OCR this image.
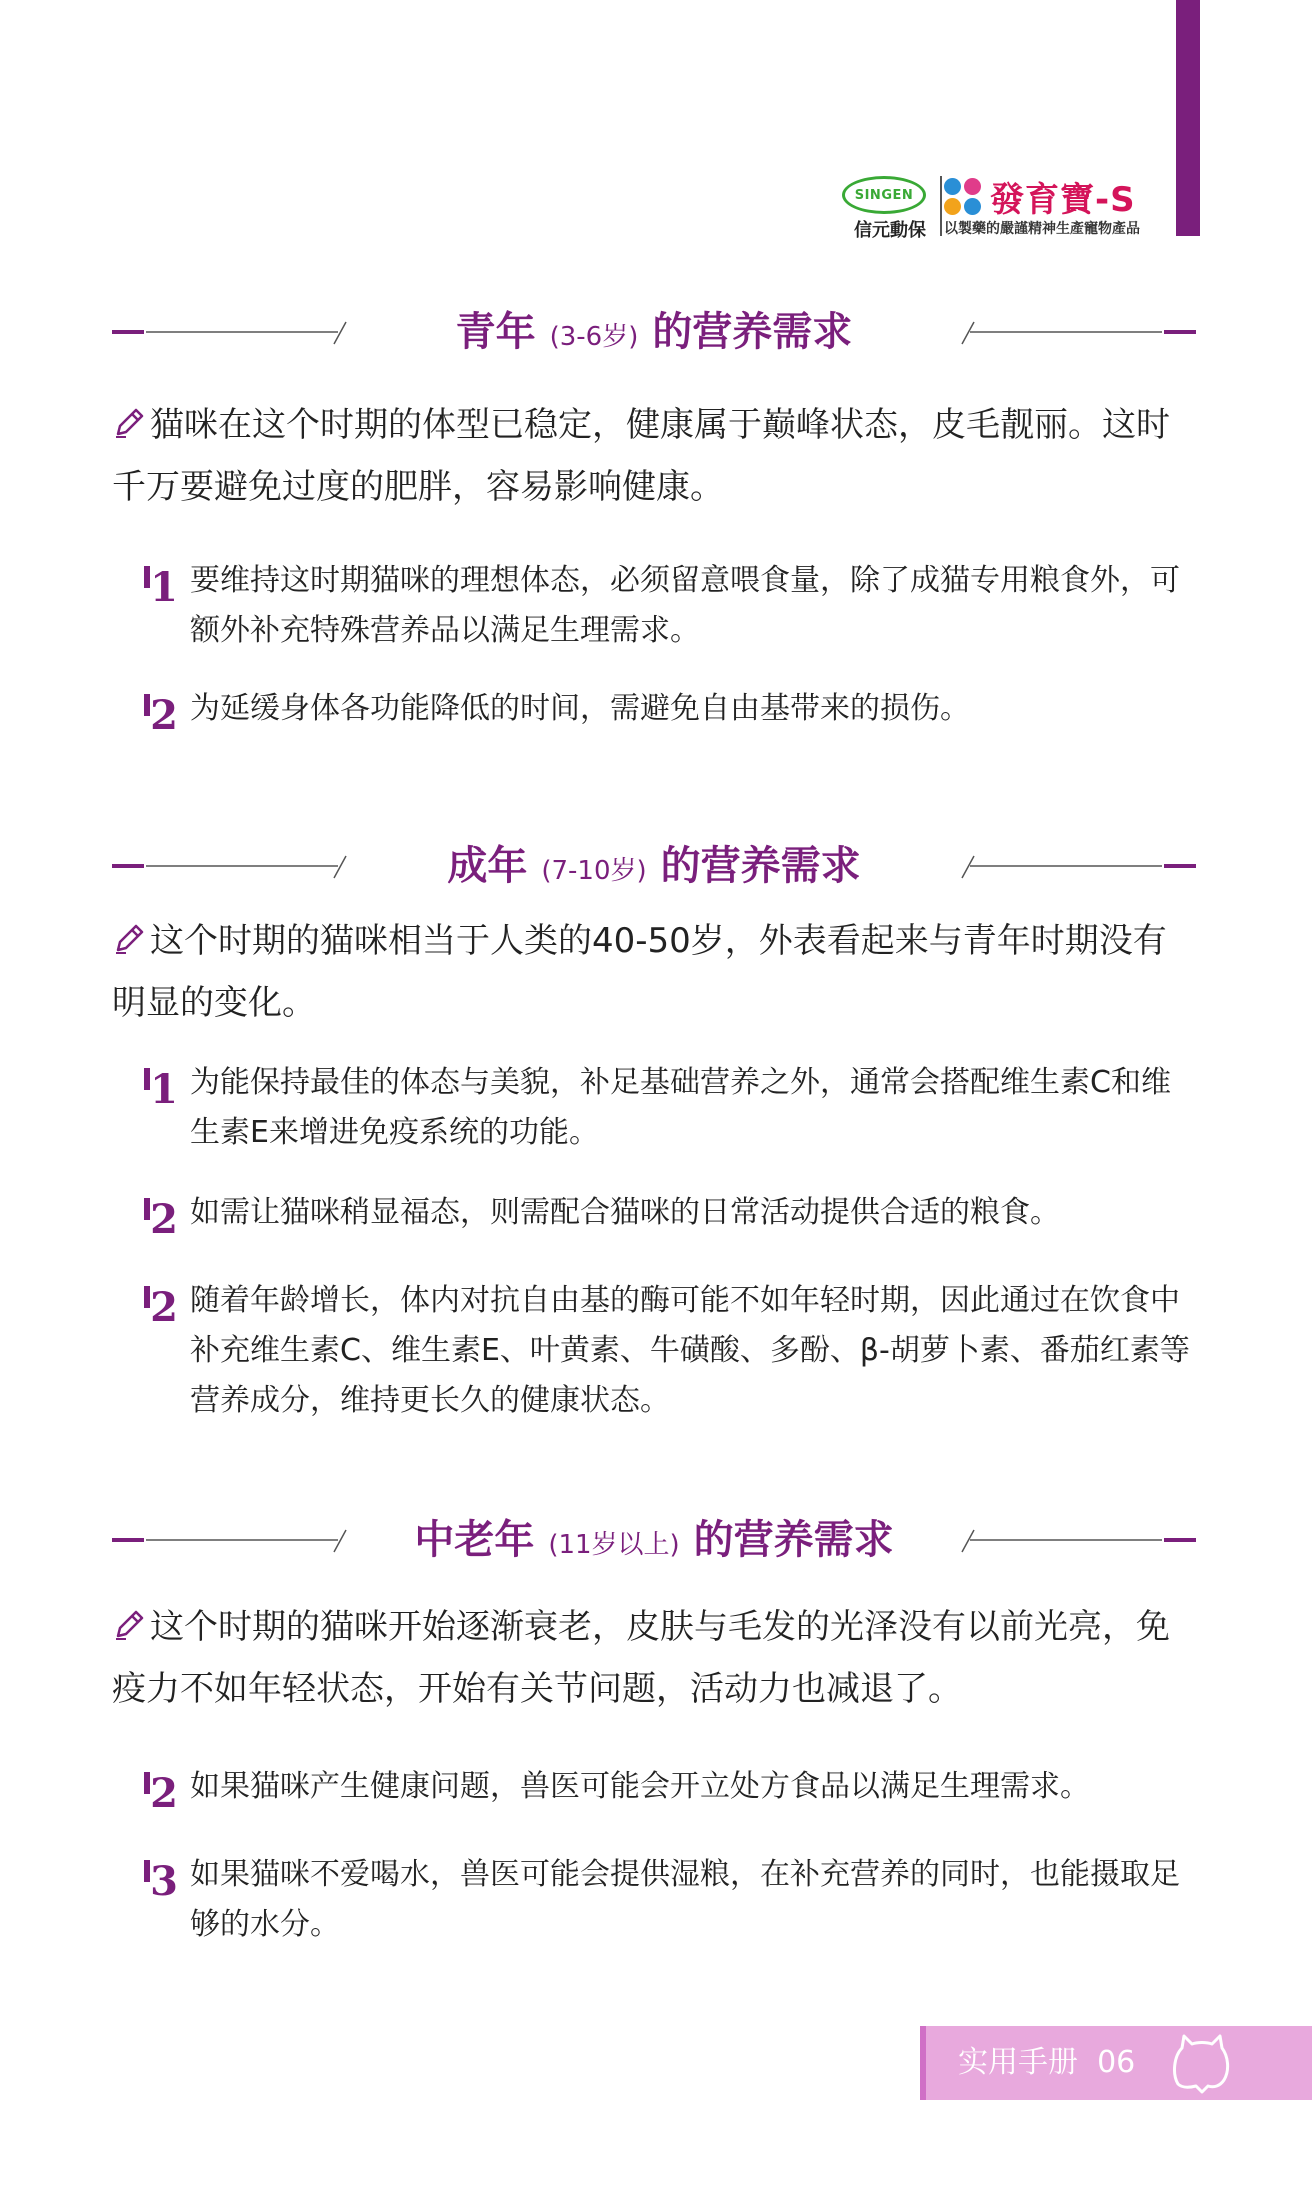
SINGEN
信元動保
發育寶-S
以製藥的嚴謹精神生產寵物產品
青年 (3-6岁) 的营养需求
猫咪在这个时期的体型已稳定，健康属于巅峰状态，皮毛靓丽。这时千万要避免过度的肥胖，容易影响健康。
1 要维持这时期猫咪的理想体态，必须留意喂食量，除了成猫专用粮食外，可额外补充特殊营养品以满足生理需求。
2 为延缓身体各功能降低的时间，需避免自由基带来的损伤。
成年 (7-10岁) 的营养需求
这个时期的猫咪相当于人类的40-50岁，外表看起来与青年时期没有明显的变化。
1 为能保持最佳的体态与美貌，补足基础营养之外，通常会搭配维生素C和维生素E来增进免疫系统的功能。
2 如需让猫咪稍显福态，则需配合猫咪的日常活动提供合适的粮食。
2 随着年龄增长，体内对抗自由基的酶可能不如年轻时期，因此通过在饮食中补充维生素C、维生素E、叶黄素、牛磺酸、多酚、β-胡萝卜素、番茄红素等营养成分，维持更长久的健康状态。
中老年 (11岁以上) 的营养需求
这个时期的猫咪开始逐渐衰老，皮肤与毛发的光泽没有以前光亮，免疫力不如年轻状态，开始有关节问题，活动力也减退了。
2 如果猫咪产生健康问题，兽医可能会开立处方食品以满足生理需求。
3 如果猫咪不爱喝水，兽医可能会提供湿粮，在补充营养的同时，也能摄取足够的水分。
实用手册 06
